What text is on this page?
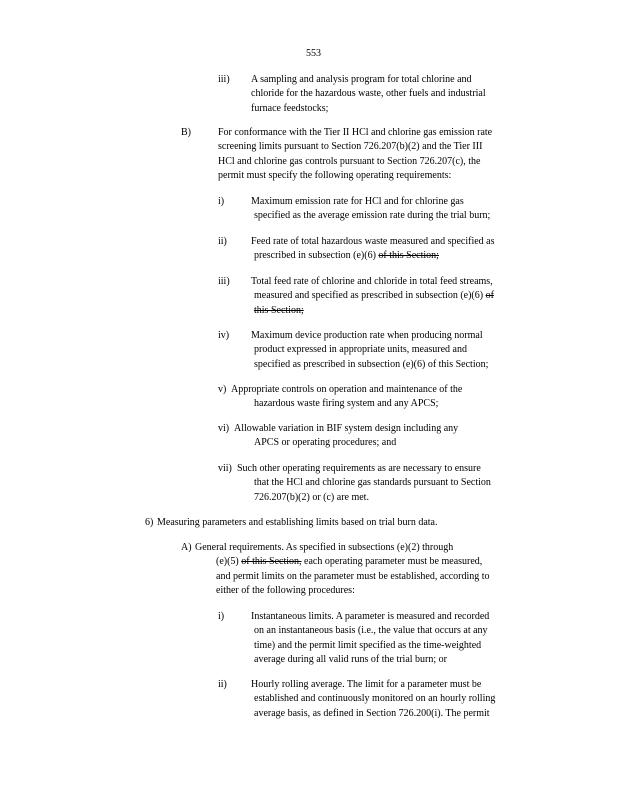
553
iii) A sampling and analysis program for total chlorine and
chloride for the hazardous waste, other fuels and industrial
furnace feedstocks;
B)	For conformance with the Tier II HCl and chlorine gas emission rate
screening limits pursuant to Section 726.207(b)(2) and the Tier III
HCl and chlorine gas controls pursuant to Section 726.207(c), the
permit must specify the following operating requirements:
i)	Maximum emission rate for HCl and for chlorine gas
specified as the average emission rate during the trial burn;
ii) Feed rate of total hazardous waste measured and specified as
prescribed in subsection (e)(6) of this Section;
iii) Total feed rate of chlorine and chloride in total feed streams,
measured and specified as prescribed in subsection (e)(6) of
this Section;
iv) Maximum device production rate when producing normal
product expressed in appropriate units, measured and
specified as prescribed in subsection (e)(6) of this Section;
v) Appropriate controls on operation and maintenance of the
hazardous waste firing system and any APCS;
vi) Allowable variation in BIF system design including any
APCS or operating procedures; and
vii) Such other operating requirements as are necessary to ensure
that the HCl and chlorine gas standards pursuant to Section
726.207(b)(2) or (c) are met.
6) Measuring parameters and establishing limits based on trial burn data.
A) General requirements. As specified in subsections (e)(2) through
(e)(5) of this Section, each operating parameter must be measured,
and permit limits on the parameter must be established, according to
either of the following procedures:
i)	Instantaneous limits. A parameter is measured and recorded
on an instantaneous basis (i.e., the value that occurs at any
time) and the permit limit specified as the time-weighted
average during all valid runs of the trial burn; or
ii) Hourly rolling average. The limit for a parameter must be
established and continuously monitored on an hourly rolling
average basis, as defined in Section 726.200(i). The permit
